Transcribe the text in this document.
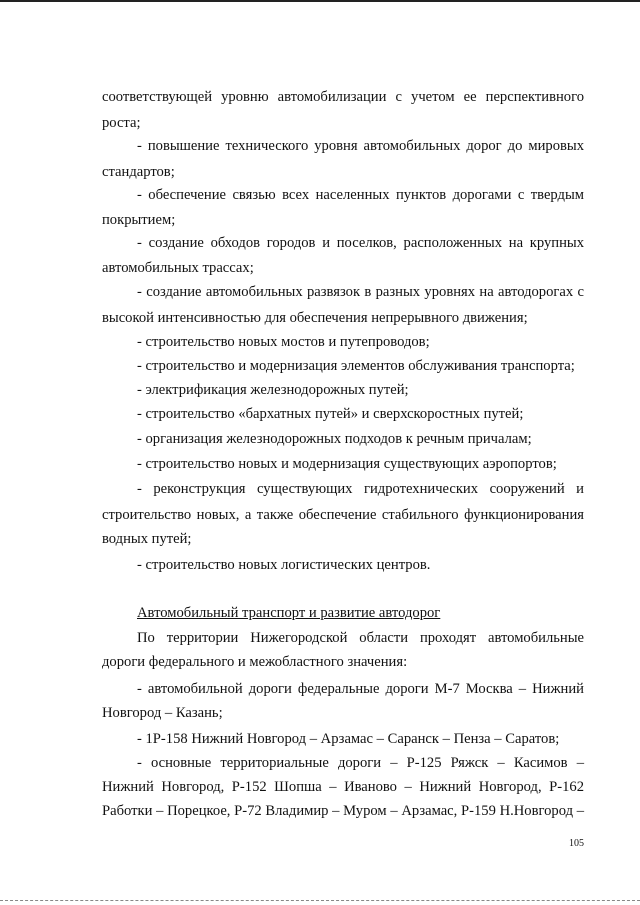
соответствующей уровню автомобилизации с учетом ее перспективного
роста;
- повышение технического уровня автомобильных дорог до мировых
стандартов;
- обеспечение связью всех населенных пунктов дорогами с твердым
покрытием;
- создание обходов городов и поселков, расположенных на крупных
автомобильных трассах;
- создание автомобильных развязок в разных уровнях на автодорогах с
высокой интенсивностью для обеспечения непрерывного движения;
- строительство новых мостов и путепроводов;
- строительство и модернизация элементов обслуживания транспорта;
- электрификация железнодорожных путей;
- строительство «бархатных путей» и сверхскоростных путей;
- организация железнодорожных подходов к речным причалам;
- строительство новых и модернизация существующих аэропортов;
- реконструкция существующих гидротехнических сооружений и
строительство новых, а также обеспечение стабильного функционирования
водных путей;
- строительство новых логистических центров.
Автомобильный транспорт и развитие автодорог
По территории Нижегородской области проходят автомобильные
дороги федерального и межобластного значения:
- автомобильной дороги федеральные дороги М-7 Москва – Нижний
Новгород – Казань;
- 1Р-158 Нижний Новгород – Арзамас – Саранск – Пенза – Саратов;
- основные территориальные дороги – Р-125 Ряжск – Касимов –
Нижний Новгород, Р-152 Шопша – Иваново – Нижний Новгород, Р-162
Работки – Порецкое, Р-72 Владимир – Муром – Арзамас, Р-159 Н.Новгород –
105
